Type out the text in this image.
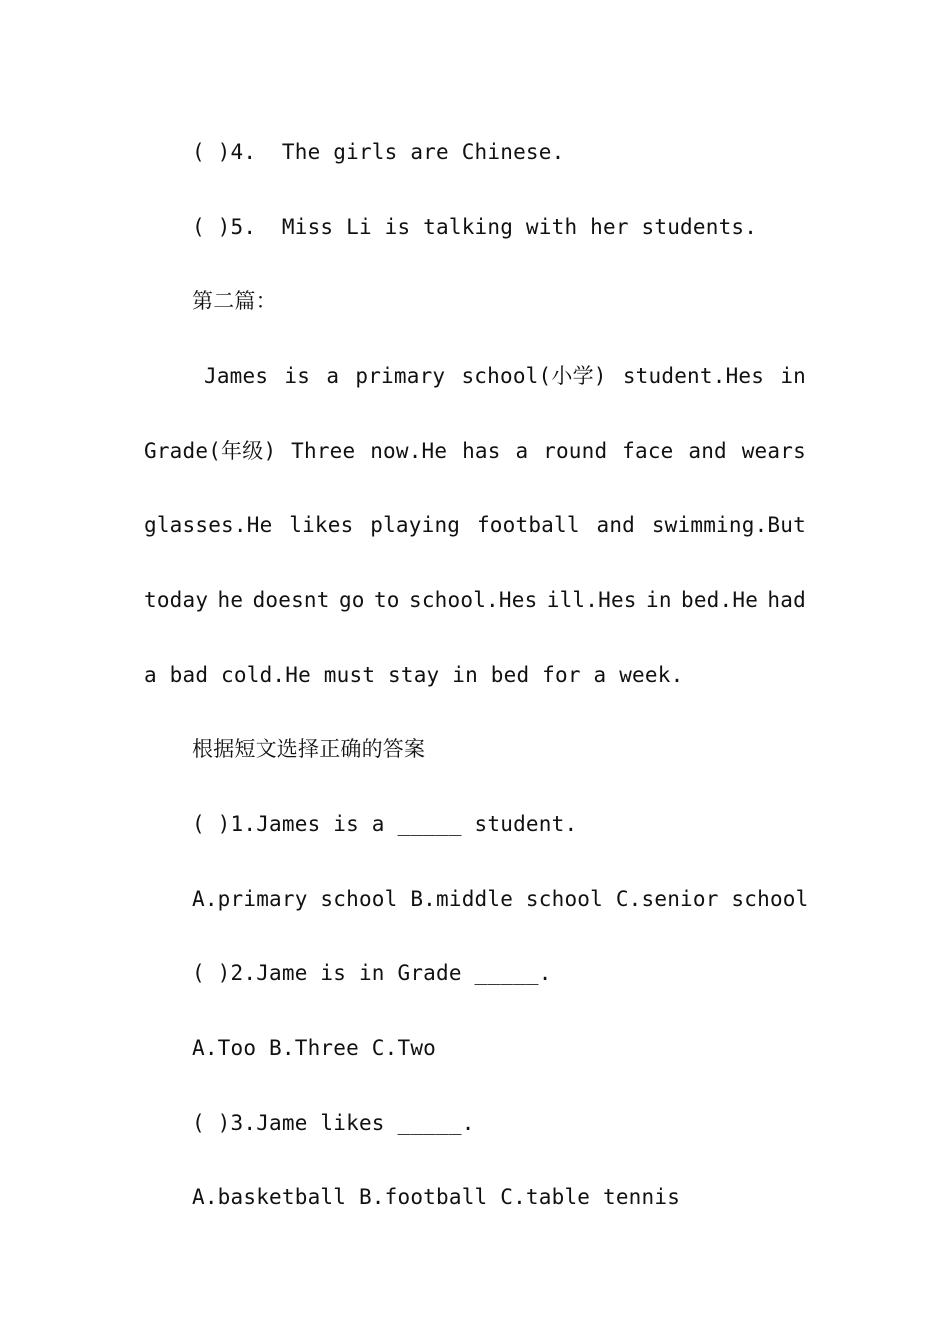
( )4.  The girls are Chinese.
( )5.  Miss Li is talking with her students.
第二篇：
James is a primary school(小学) student.Hes in
Grade(年级) Three now.He has a round face and wears
glasses.He likes playing football and swimming.But
today he doesnt go to school.Hes ill.Hes in bed.He had
a bad cold.He must stay in bed for a week.
根据短文选择正确的答案
( )1.James is a _____ student.
A.primary school B.middle school C.senior school
( )2.Jame is in Grade _____.
A.Too B.Three C.Two
( )3.Jame likes _____.
A.basketball B.football C.table tennis
